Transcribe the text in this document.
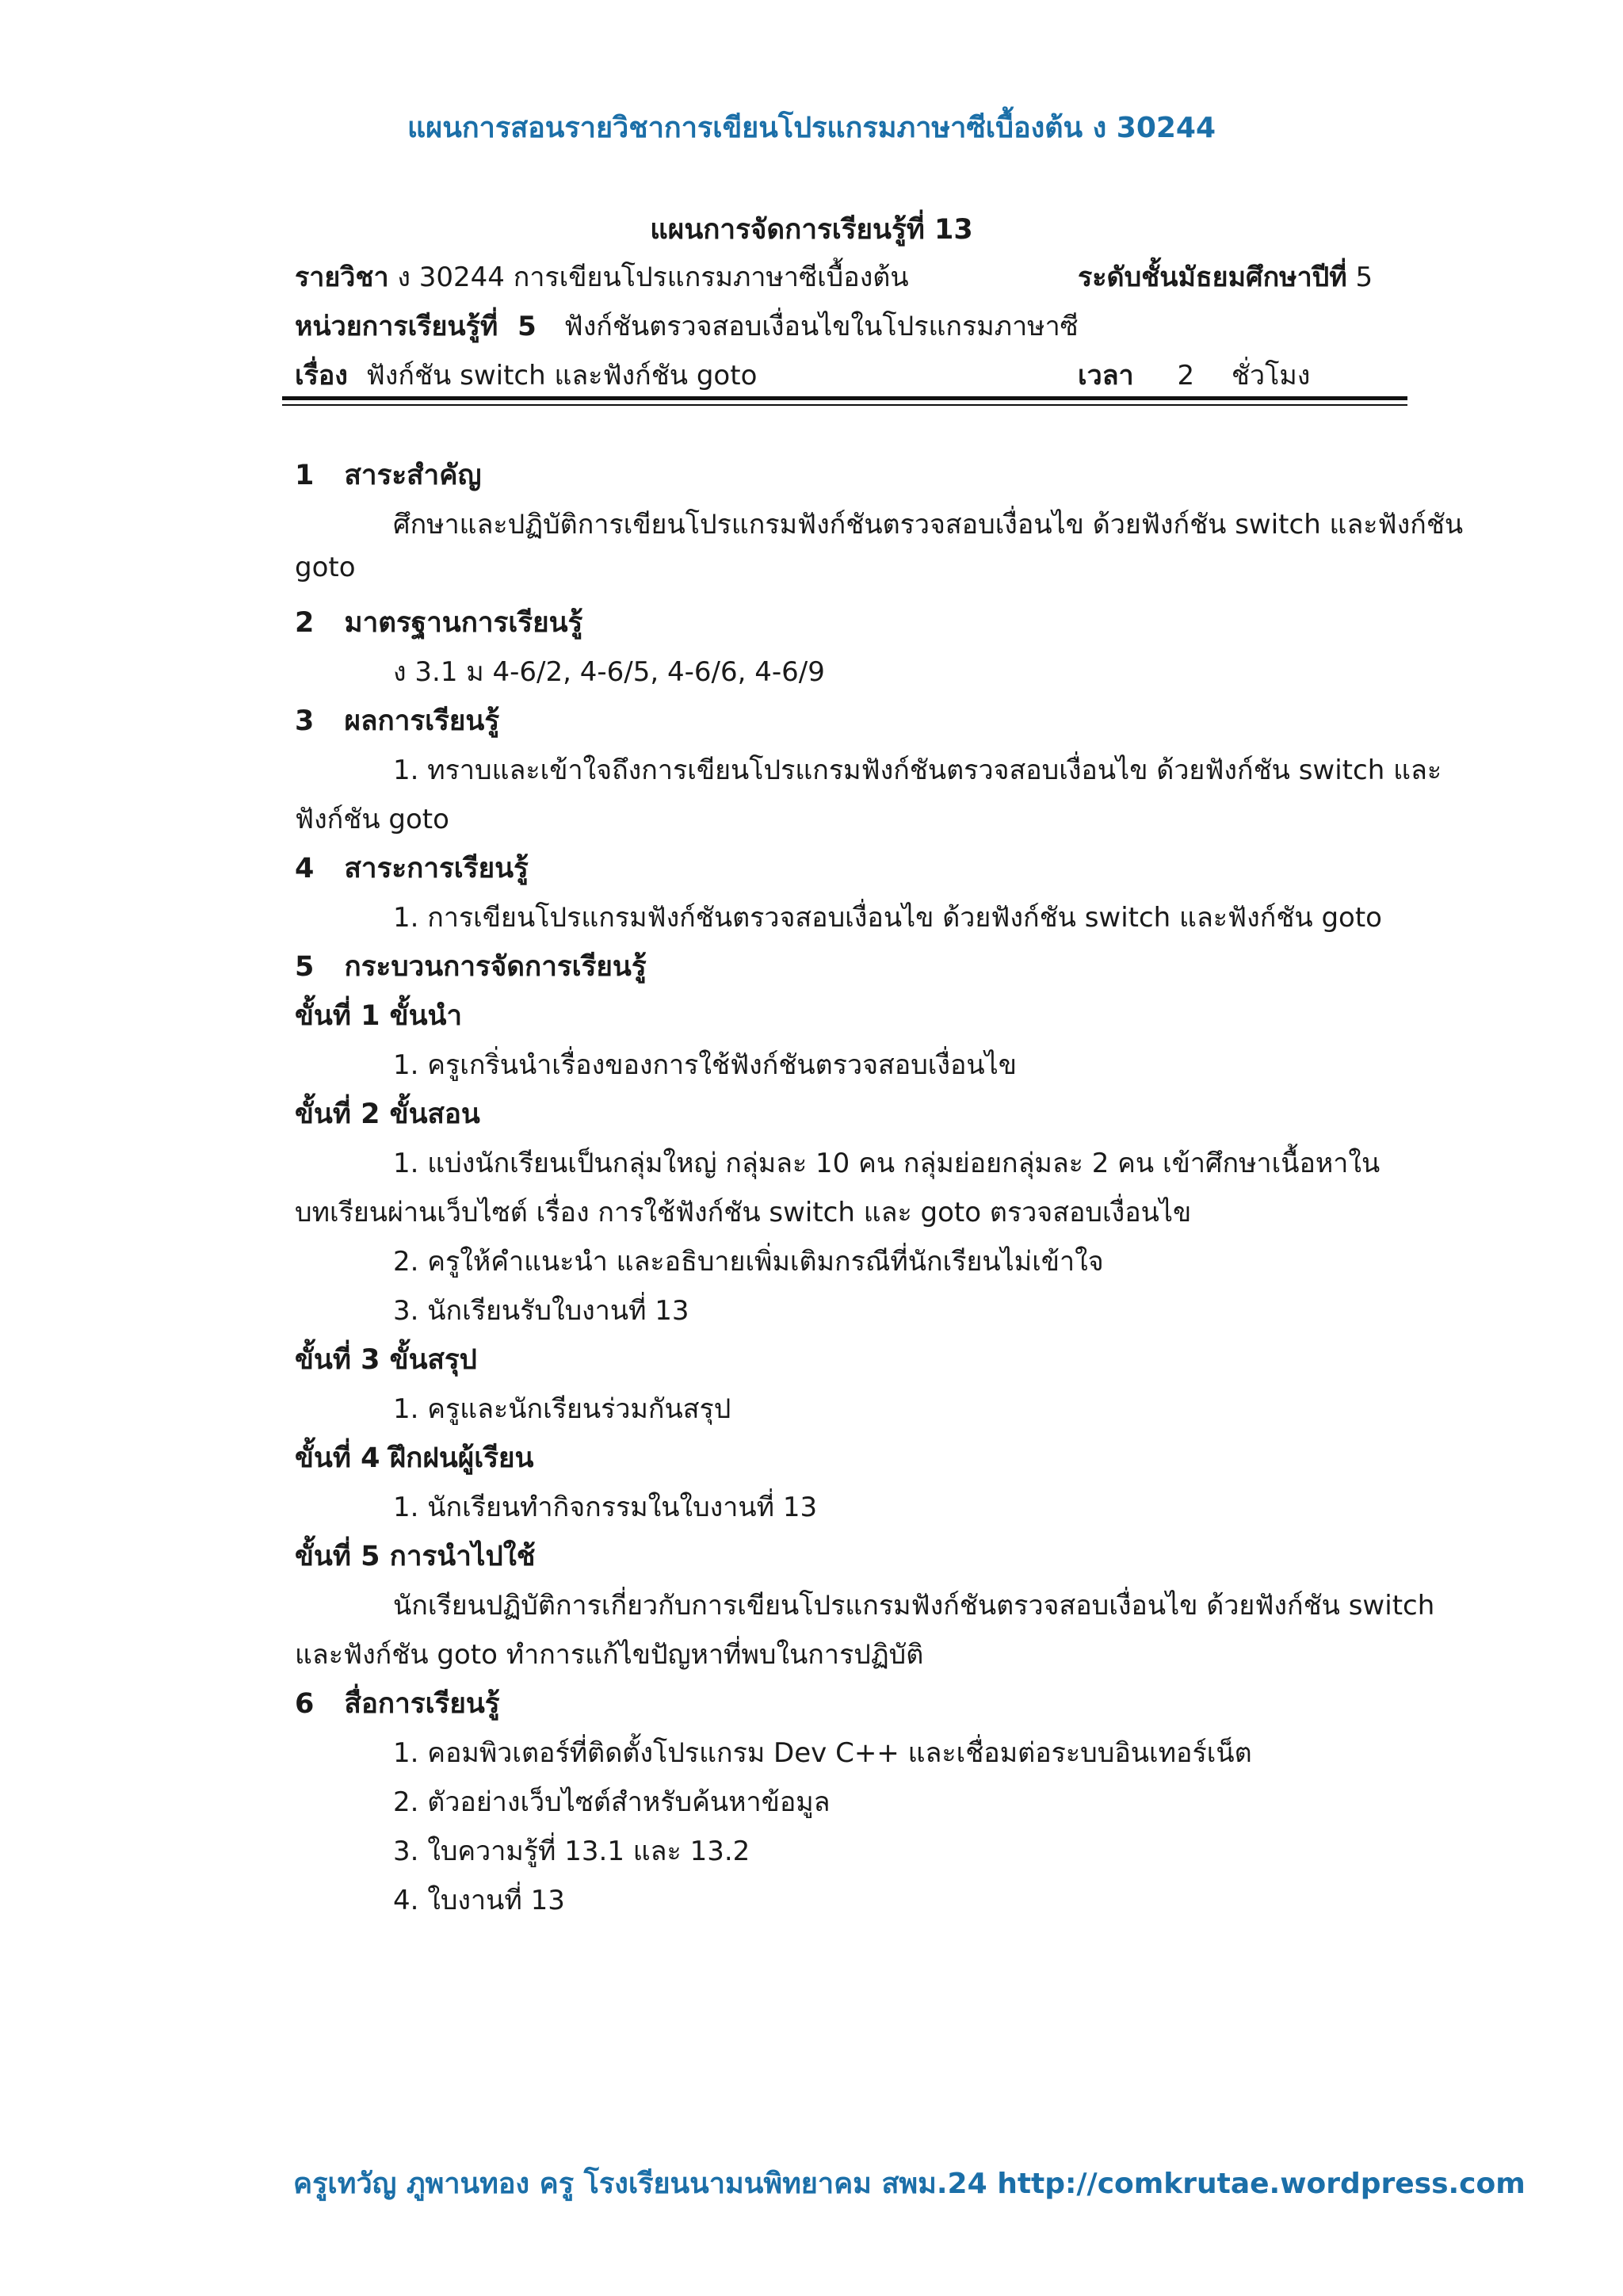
แผนการสอนรายวิชาการเขียนโปรแกรมภาษาซีเบื้องต้น ง 30244
แผนการจัดการเรียนรู้ที่ 13
รายวิชา ง 30244 การเขียนโปรแกรมภาษาซีเบื้องต้น	ระดับชั้นมัธยมศึกษาปีที่ 5
หน่วยการเรียนรู้ที่ 5 ฟังก์ชันตรวจสอบเงื่อนไขในโปรแกรมภาษาซี
เรื่อง ฟังก์ชัน switch และฟังก์ชัน goto	เวลา 2 ชั่วโมง
1 สาระสำคัญ
ศึกษาและปฏิบัติการเขียนโปรแกรมฟังก์ชันตรวจสอบเงื่อนไข ด้วยฟังก์ชัน switch และฟังก์ชัน
goto
2 มาตรฐานการเรียนรู้
ง 3.1 ม 4-6/2, 4-6/5, 4-6/6, 4-6/9
3 ผลการเรียนรู้
1. ทราบและเข้าใจถึงการเขียนโปรแกรมฟังก์ชันตรวจสอบเงื่อนไข ด้วยฟังก์ชัน switch และ
ฟังก์ชัน goto
4 สาระการเรียนรู้
1. การเขียนโปรแกรมฟังก์ชันตรวจสอบเงื่อนไข ด้วยฟังก์ชัน switch และฟังก์ชัน goto
5 กระบวนการจัดการเรียนรู้
ขั้นที่ 1 ขั้นนำ
1. ครูเกริ่นนำเรื่องของการใช้ฟังก์ชันตรวจสอบเงื่อนไข
ขั้นที่ 2 ขั้นสอน
1. แบ่งนักเรียนเป็นกลุ่มใหญ่ กลุ่มละ 10 คน กลุ่มย่อยกลุ่มละ 2 คน เข้าศึกษาเนื้อหาใน
บทเรียนผ่านเว็บไซต์ เรื่อง การใช้ฟังก์ชัน switch และ goto ตรวจสอบเงื่อนไข
2. ครูให้คำแนะนำ และอธิบายเพิ่มเติมกรณีที่นักเรียนไม่เข้าใจ
3. นักเรียนรับใบงานที่ 13
ขั้นที่ 3 ขั้นสรุป
1. ครูและนักเรียนร่วมกันสรุป
ขั้นที่ 4 ฝึกฝนผู้เรียน
1. นักเรียนทำกิจกรรมในใบงานที่ 13
ขั้นที่ 5 การนำไปใช้
นักเรียนปฏิบัติการเกี่ยวกับการเขียนโปรแกรมฟังก์ชันตรวจสอบเงื่อนไข ด้วยฟังก์ชัน switch
และฟังก์ชัน goto ทำการแก้ไขปัญหาที่พบในการปฏิบัติ
6 สื่อการเรียนรู้
1. คอมพิวเตอร์ที่ติดตั้งโปรแกรม Dev C++ และเชื่อมต่อระบบอินเทอร์เน็ต
2. ตัวอย่างเว็บไซต์สำหรับค้นหาข้อมูล
3. ใบความรู้ที่ 13.1 และ 13.2
4. ใบงานที่ 13
ครูเทวัญ ภูพานทอง ครู โรงเรียนนามนพิทยาคม สพม.24 http://comkrutae.wordpress.com
